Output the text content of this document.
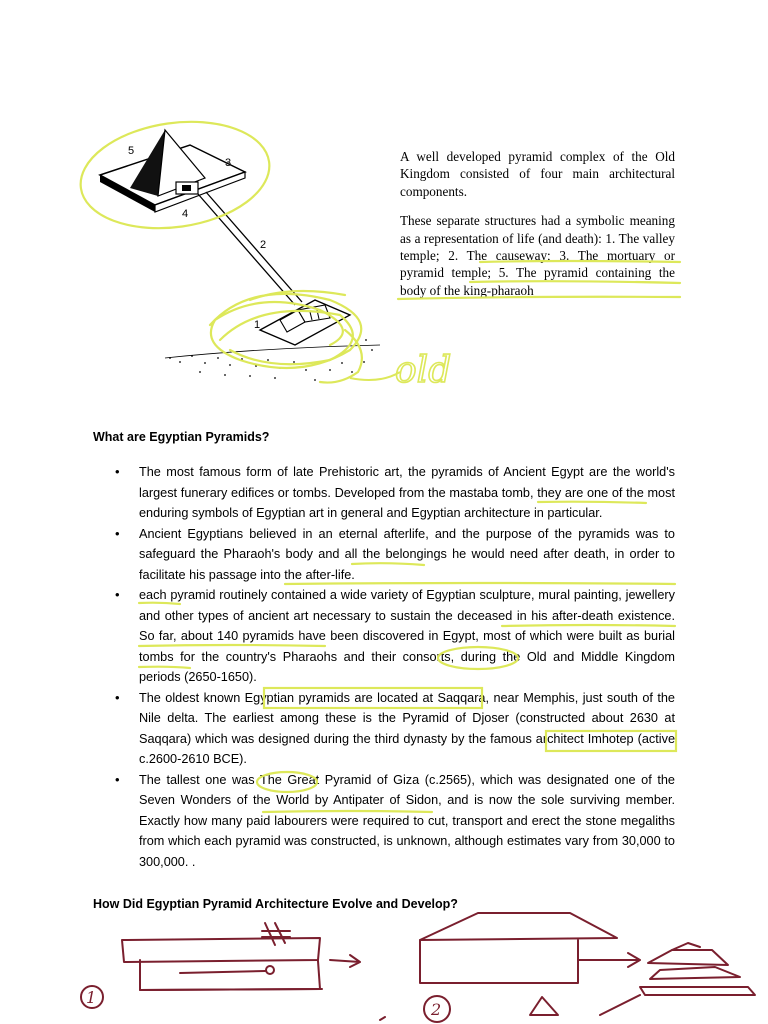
5
3
4
2
1

A well developed pyramid complex of the Old Kingdom consisted of four main architectural components.

These separate structures had a symbolic meaning as a representation of life (and death): 1. The valley temple; 2. The causeway; 3. The mortuary or pyramid temple; 5. The pyramid containing the body of the king-pharaoh

What are Egyptian Pyramids?
• The most famous form of late Prehistoric art, the pyramids of Ancient Egypt are the world's largest funerary edifices or tombs. Developed from the mastaba tomb, they are one of the most enduring symbols of Egyptian art in general and Egyptian architecture in particular.
• Ancient Egyptians believed in an eternal afterlife, and the purpose of the pyramids was to safeguard the Pharaoh's body and all the belongings he would need after death, in order to facilitate his passage into the after-life.
• each pyramid routinely contained a wide variety of Egyptian sculpture, mural painting, jewellery and other types of ancient art necessary to sustain the deceased in his after-death existence. So far, about 140 pyramids have been discovered in Egypt, most of which were built as burial tombs for the country's Pharaohs and their consorts, during the Old and Middle Kingdom periods (2650-1650).
• The oldest known Egyptian pyramids are located at Saqqara, near Memphis, just south of the Nile delta. The earliest among these is the Pyramid of Djoser (constructed about 2630 at Saqqara) which was designed during the third dynasty by the famous architect Imhotep (active c.2600-2610 BCE).
• The tallest one was The Great Pyramid of Giza (c.2565), which was designated one of the Seven Wonders of the World by Antipater of Sidon, and is now the sole surviving member. Exactly how many paid labourers were required to cut, transport and erect the stone megaliths from which each pyramid was constructed, is unknown, although estimates vary from 30,000 to 300,000. .
How Did Egyptian Pyramid Architecture Evolve and Develop?
old
1
2
